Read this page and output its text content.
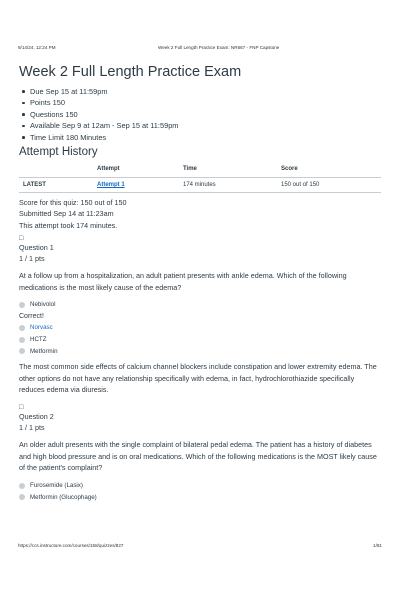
9/14/24, 12:24 PM	Week 2 Full Length Practice Exam: NR667 - FNP Capstone
Week 2 Full Length Practice Exam
Due Sep 15 at 11:59pm
Points 150
Questions 150
Available Sep 9 at 12am - Sep 15 at 11:59pm
Time Limit 180 Minutes
Attempt History
	Attempt	Time	Score
LATEST	Attempt 1	174 minutes	150 out of 150
Score for this quiz: 150 out of 150
Submitted Sep 14 at 11:23am
This attempt took 174 minutes.
□
Question 1
1 / 1 pts
At a follow up from a hospitalization, an adult patient presents with ankle edema. Which of the following medications is the most likely cause of the edema?
Nebivolol
Correct!
Norvasc
HCTZ
Metformin
The most common side effects of calcium channel blockers include constipation and lower extremity edema. The other options do not have any relationship specifically with edema, in fact, hydrochlorothiazide specifically reduces edema via diuresis.
□
Question 2
1 / 1 pts
An older adult presents with the single complaint of bilateral pedal edema. The patient has a history of diabetes and high blood pressure and is on oral medications. Which of the following medications is the MOST likely cause of the patient's complaint?
Furosemide (Lasix)
Metformin (Glucophage)
https://ccs.instructure.com/courses/158/quizzes/827	1/81
